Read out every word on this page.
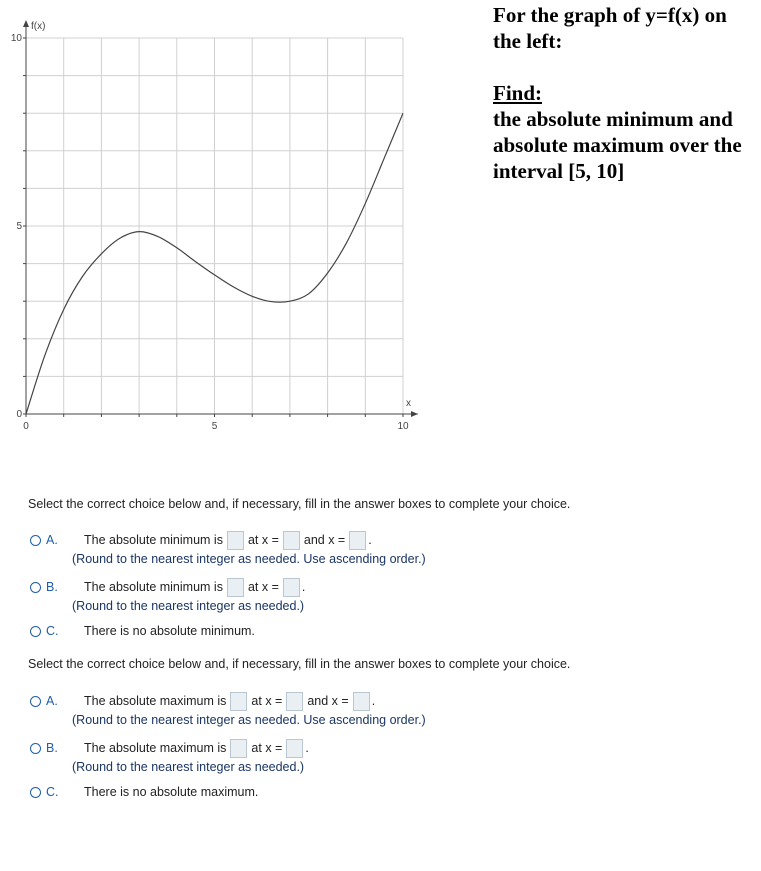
0	5	10
0
5
10
f(x)
x

For the graph of y=f(x) on the left:

Find:

the absolute minimum and absolute maximum over the interval [5, 10]

Select the correct choice below and, if necessary, fill in the answer boxes to complete your choice.
A.	The absolute minimum is at x = and x = .
(Round to the nearest integer as needed. Use ascending order.)
B.	The absolute minimum is at x = .
(Round to the nearest integer as needed.)
C.	There is no absolute minimum.
Select the correct choice below and, if necessary, fill in the answer boxes to complete your choice.
A.	The absolute maximum is at x = and x = .
(Round to the nearest integer as needed. Use ascending order.)
B.	The absolute maximum is at x = .
(Round to the nearest integer as needed.)
C.	There is no absolute maximum.
